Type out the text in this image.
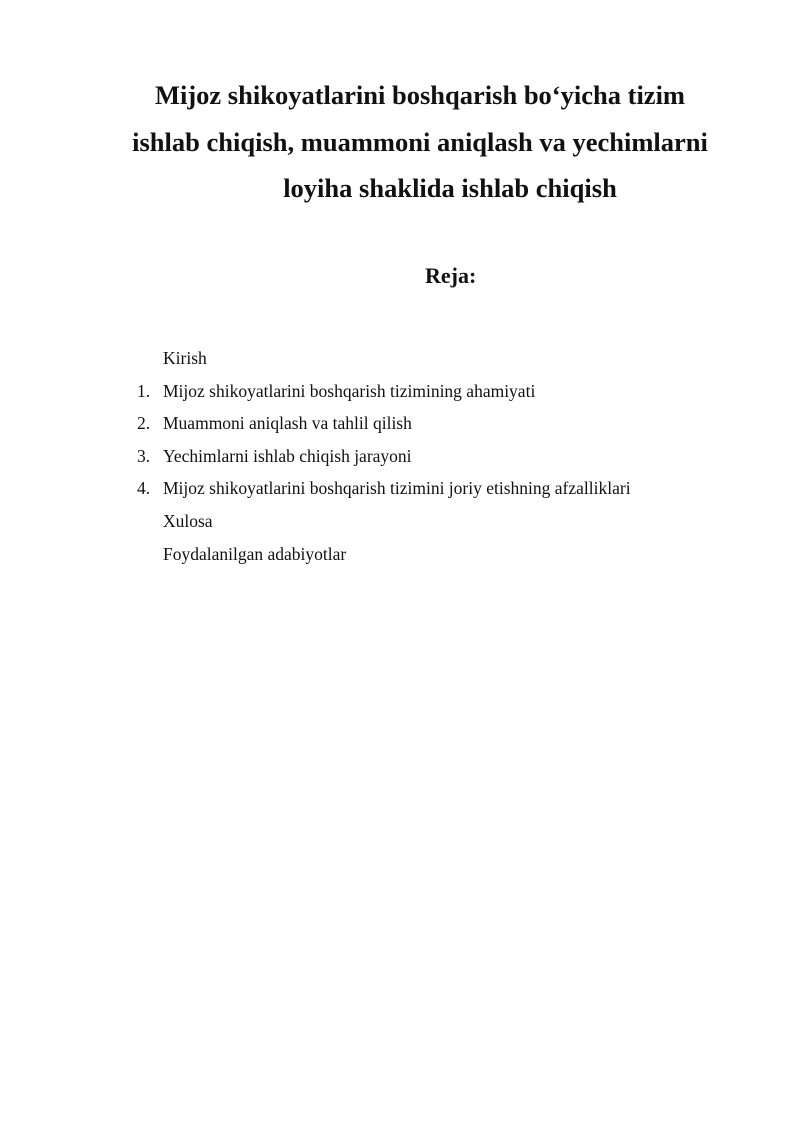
Mijoz shikoyatlarini boshqarish bo‘yicha tizim
ishlab chiqish, muammoni aniqlash va yechimlarni
loyiha shaklida ishlab chiqish
Reja:
Kirish
1. Mijoz shikoyatlarini boshqarish tizimining ahamiyati
2. Muammoni aniqlash va tahlil qilish
3. Yechimlarni ishlab chiqish jarayoni
4. Mijoz shikoyatlarini boshqarish tizimini joriy etishning afzalliklari
Xulosa
Foydalanilgan adabiyotlar
